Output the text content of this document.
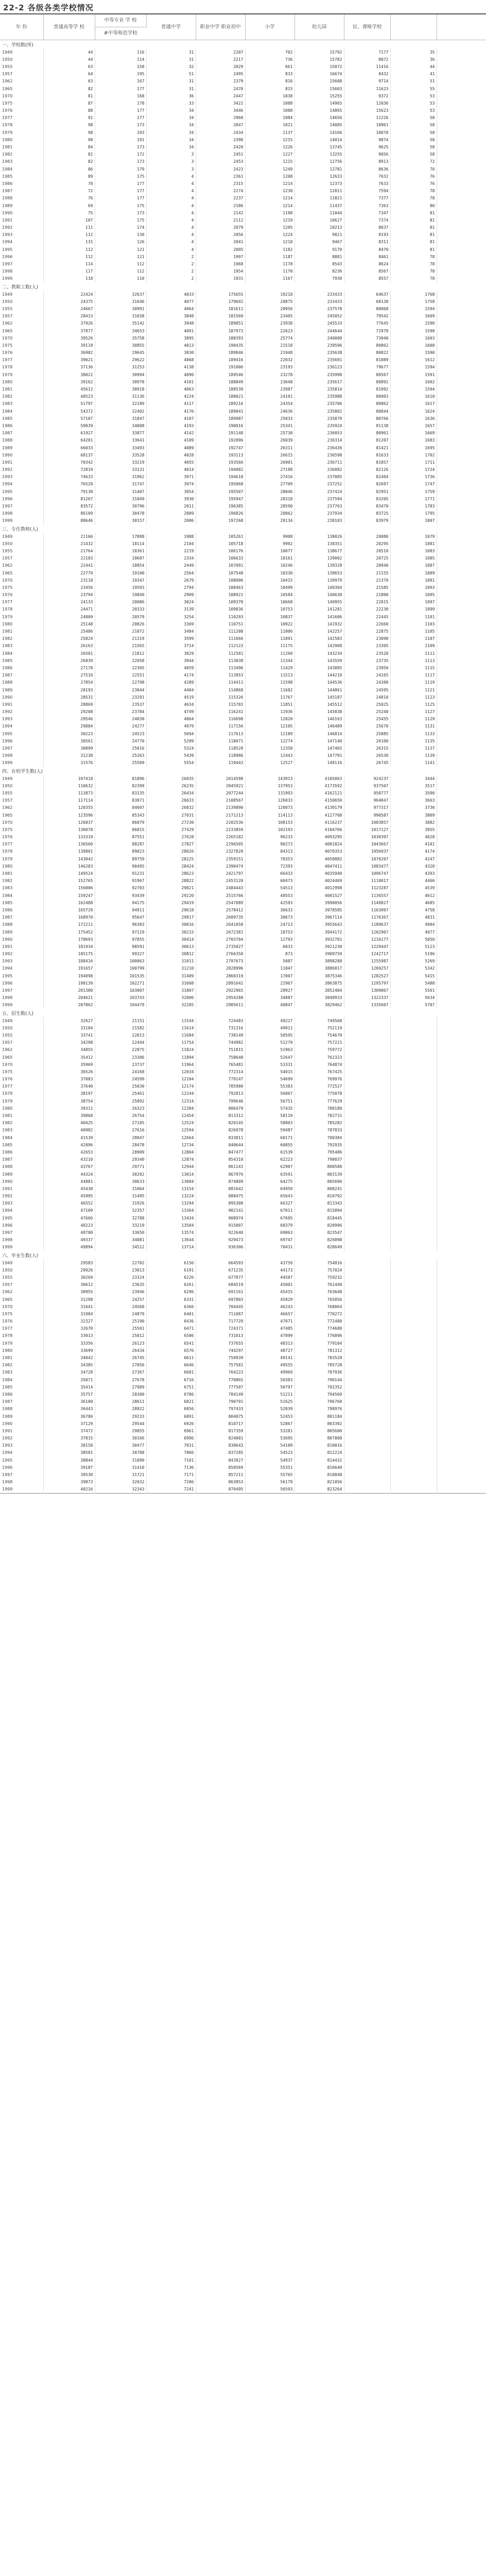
22-2 各级各类学校情况
年 份	普通高等学 校	中等专业 学 校	普通中学	职业中学 职业初中	小学	幼儿园	盲、聋哑学校		
		#中等师范学校							
一、学校数(所)									
1949	44	116	31	2207	702	15792	7177	35	
1950	44	114	31	2217	736	15782	8072	36	
1955	63	158	32	2029	661	15072	11416	44	
1957	64	195	51	2495	833	16674	8432	41	
1962	63	167	31	2379	816	15608	9714	51	
1965	82	177	31	2470	815	15603	11623	55	
1970	81	168	36	2447	1038	15255	9372	53	
1975	87	178	33	3422	1088	14965	12036	53	
1976	88	177	34	3446	1088	14865	15623	53	
1977	91	177	34	2960	1084	14656	11226	58	
1978	98	173	34	2847	1021	14085	10961	58	
1979	98	193	34	2434	1137	14166	10078	58	
1980	98	191	34	2398	1215	14014	9874	58	
1981	84	173	34	2420	1226	13745	9625	58	
1982	82	172	3	2451	1227	13255	9056	58	
1983	82	173	3	2453	1215	12756	8913	72	
1984	86	179	3	2423	1249	12781	8636	76	
1985	89	175	4	2361	1208	12633	7632	76	
1986	78	177	4	2315	1214	12373	7633	76	
1987	72	177	4	2274	1230	12011	7594	78	
1988	76	177	4	2237	1214	11821	7377	78	
1989	69	175	4	2186	1214	11437	7363	80	
1990	75	173	4	2142	1198	11044	7347	81	
1991	107	175	4	2112	1219	10627	7374	81	
1992	111	174	4	2079	1205	10213	8037	81	
1993	112	130	4	2056	1224	9821	8193	81	
1994	115	126	4	2041	1218	9467	8311	81	
1995	112	121	4	2005	1182	9170	8470	81	
1996	112	121	2	1997	1187	8881	8461	78	
1997	114	112	2	1968	1178	8543	8624	78	
1998	117	112	2	1954	1170	8236	8567	78	
1999	118	110	2	1931	1167	7930	8557	78	
二、教职工数(人)									
1949	22424	32637	4033	175655	19218	233433	64637	1768	
1950	24375	31646	4077	179692	20875	233433	68138	1758	
1955	24667	30991	4064	181611	20956	237578	80068	1594	
1957	28413	31658	3848	181560	23405	245052	79542	1609	
1962	37926	35142	3948	189851	23938	245533	77645	1590	
1965	37877	34653	4091	187973	22623	244644	72978	1598	
1970	39526	35758	3895	188393	25774	240008	73040	1603	
1975	39118	30855	4013	190435	21518	239596	80862	1608	
1976	36982	29645	3830	189846	21948	235638	80822	1590	
1977	39021	29622	4068	189416	22032	235691	81089	1612	
1978	37136	31253	4138	191006	23193	236123	79677	1594	
1979	38022	30994	4090	189546	23278	235998	80567	1591	
1980	39162	30978	4101	188849	23648	235617	80892	1602	
1981	45612	30918	4063	188539	23987	235814	81092	1594	
1982	48523	31136	4224	188021	24101	235988	80903	1610	
1983	51797	32189	4117	189216	24354	235706	80862	1617	
1984	54372	32402	4176	189841	24636	235802	80844	1624	
1985	57107	31847	4107	189987	25033	235879	80766	1636	
1986	59039	34008	4193	190016	25341	235924	81138	1657	
1987	61927	33877	4142	191148	25738	236053	80961	1669	
1988	64201	33641	4109	192096	26039	236314	81207	1683	
1989	66033	33493	4089	192747	26311	236436	81421	1695	
1990	68137	33528	4028	193113	26615	236598	81633	1702	
1991	70342	33219	4055	193566	26901	236711	81857	1711	
1992	72819	33131	4014	194082	27198	236882	82126	1724	
1993	74633	31962	3971	194610	27416	237085	82404	1736	
1994	76520	31747	3974	195068	27709	237252	82697	1747	
1995	79138	31407	3954	195507	28046	237424	82951	1759	
1996	81267	31049	3930	195947	28318	237594	83205	1771	
1997	83572	30796	2011	196385	28590	237763	83470	1783	
1998	86109	30478	2009	196826	28862	237934	83725	1795	
1999	88646	30157	2006	197268	29134	238103	83979	1807	
三、专任教师(人)									
1949	21166	17888	1988	105261	9908	138026	20080	1079	
1950	21432	18114	2104	105718	9992	138351	20295	1081	
1955	21764	18361	2219	106176	10077	138677	20510	1083	
1957	22103	18607	2334	106633	10161	139002	20725	1085	
1962	22441	18854	2449	107091	10246	139328	20940	1087	
1965	22779	19100	2564	107548	10330	139653	21155	1089	
1970	23118	19347	2679	108006	10415	139979	21370	1091	
1975	23456	19593	2794	108463	10499	140304	21585	1093	
1976	23794	19840	2909	108921	10584	140630	21800	1095	
1977	24133	20086	3024	109378	10668	140955	22015	1097	
1978	24471	20333	3139	109836	10753	141281	22230	1099	
1979	24809	20579	3254	110293	10837	141606	22445	1101	
1980	25148	20826	3369	110751	10922	141932	22660	1103	
1981	25486	21072	3484	111208	11006	142257	22875	1105	
1982	25824	21319	3599	111666	11091	142583	23090	1107	
1983	26163	21565	3714	112123	11175	142908	23305	1109	
1984	26501	21812	3829	112581	11260	143234	23520	1111	
1985	26839	22058	3944	113038	11344	143559	23735	1113	
1986	27178	22305	4059	113496	11429	143885	23950	1115	
1987	27516	22551	4174	113953	11513	144210	24165	1117	
1988	27854	22798	4289	114411	11598	144536	24380	1119	
1989	28193	23044	4404	114868	11682	144861	24595	1121	
1990	28531	23291	4519	115326	11767	145187	24810	1123	
1991	28869	23537	4634	115783	11851	145512	25025	1125	
1992	29208	23784	4749	116241	11936	145838	25240	1127	
1993	29546	24030	4864	116698	12020	146163	25455	1129	
1994	29884	24277	4979	117156	12105	146489	25670	1131	
1995	30223	24523	5094	117613	12189	146814	25885	1133	
1996	30561	24770	5209	118071	12274	147140	26100	1135	
1997	30899	25016	5324	118528	12358	147465	26315	1137	
1998	31238	25263	5439	118986	12443	147791	26530	1139	
1999	31576	25509	5554	119443	12527	148116	26745	1141	
四、在校学生数(人)									
1949	107418	81896	26035	2014598	143913	4185063	924237	3444	
1950	110632	82399	26235	2045921	137953	4173592	937507	3517	
1955	113873	83135	26434	2077244	131993	4162121	950777	3590	
1957	117114	83871	26633	2108567	126033	4150650	964047	3663	
1962	120355	84607	26832	2139890	120073	4139179	977317	3736	
1965	123596	85343	27031	2171213	114113	4127708	990587	3809	
1970	126837	86079	27230	2202536	108153	4116237	1003857	3882	
1975	130078	86815	27429	2233859	102193	4104766	1017127	3955	
1976	133319	87551	27628	2265182	96233	4093295	1030397	4028	
1977	136560	88287	27827	2296505	90273	4081824	1043667	4101	
1978	139801	89023	28026	2327828	84313	4070353	1056937	4174	
1979	143042	89759	28225	2359151	78353	4058882	1070207	4247	
1980	146283	90495	28424	2390474	72393	4047411	1083477	4320	
1981	149524	91231	28623	2421797	66433	4035940	1096747	4393	
1982	152765	91967	28822	2453120	60473	4024469	1110017	4466	
1983	156006	92703	29021	2484443	54513	4012998	1123287	4539	
1984	159247	93439	29220	2515766	48553	4001527	1136557	4612	
1985	162488	94175	29419	2547089	42593	3990056	1149827	4685	
1986	165729	94911	29618	2578412	36633	3978585	1163097	4758	
1987	168970	95647	29817	2609735	30673	3967114	1176367	4831	
1988	172211	96383	30016	2641058	24713	3955643	1189637	4904	
1989	175452	97119	30215	2672381	18753	3944172	1202907	4977	
1990	178693	97855	30414	2703704	12793	3932701	1216177	5050	
1991	181934	98591	30613	2735027	6833	3921230	1229447	5123	
1992	185175	99327	30812	2766350	873	3909759	1242717	5196	
1993	188416	100063	31011	2797673	5087	3898288	1255987	5269	
1994	191657	100799	31210	2828996	11047	3886817	1269257	5342	
1995	194898	101535	31409	2860319	17007	3875346	1282527	5415	
1996	198139	102271	31608	2891642	22967	3863875	1295797	5488	
1997	201380	103007	31807	2922965	28927	3852404	1309067	5561	
1998	204621	103743	32006	2954288	34887	3840933	1322337	5634	
1999	207862	104479	32205	2985611	40847	3829462	1335607	5707	
五、招生数(人)									
1949	32627	21151	11544	724483	49227	749568			
1950	33184	21582	11614	731316	49911	752119			
1955	33741	22013	11684	738149	50595	754670			
1957	34298	22444	11754	744982	51279	757221			
1962	34855	22875	11824	751815	51963	759772			
1965	35412	23306	11894	758648	52647	762323			
1970	35969	23737	11964	765481	53331	764874			
1975	36526	24168	12034	772314	54015	767425			
1976	37083	24599	12104	779147	54699	769976			
1977	37640	25030	12174	785980	55383	772527			
1978	38197	25461	12244	792813	56067	775078			
1979	38754	25892	12314	799646	56751	777629			
1980	39311	26323	12384	806479	57435	780180			
1981	39868	26754	12454	813312	58119	782731			
1982	40425	27185	12524	820145	58803	785282			
1983	40982	27616	12594	826978	59487	787833			
1984	41539	28047	12664	833811	60171	790384			
1985	42096	28478	12734	840644	60855	792935			
1986	42653	28909	12804	847477	61539	795486			
1987	43210	29340	12874	854310	62223	798037			
1988	43767	29771	12944	861143	62907	800588			
1989	44324	30202	13014	867976	63591	803139			
1990	44881	30633	13084	874809	64275	805690			
1991	45438	31064	13154	881642	64959	808241			
1992	45995	31495	13224	888475	65643	810792			
1993	46552	31926	13294	895308	66327	813343			
1994	47109	32357	13364	902141	67011	815894			
1995	47666	32788	13434	908974	67695	818445			
1996	48223	33219	13504	915807	68379	820996			
1997	48780	33650	13574	922640	69063	823547			
1998	49337	34081	13644	929473	69747	826098			
1999	49894	34512	13714	936306	70431	828649			
六、毕业生数(人)									
1949	29583	22702	6156	664593	43759	754816			
1950	29926	23013	6191	671235	44173	757024			
1955	30269	23324	6226	677877	44587	759232			
1957	30612	23635	6261	684519	45001	761440			
1962	30955	23946	6296	691161	45415	763648			
1965	31298	24257	6331	697803	45829	765856			
1970	31641	24568	6366	704445	46243	768064			
1975	31984	24879	6401	711087	46657	770272			
1976	32327	25190	6436	717729	47071	772480			
1977	32670	25501	6471	724371	47485	774688			
1978	33013	25812	6506	731013	47899	776896			
1979	33356	26123	6541	737655	48313	779104			
1980	33699	26434	6576	744297	48727	781312			
1981	34042	26745	6611	750939	49141	783520			
1982	34385	27056	6646	757581	49555	785728			
1983	34728	27367	6681	764223	49969	787936			
1984	35071	27678	6716	770865	50383	790144			
1985	35414	27989	6751	777507	50797	792352			
1986	35757	28300	6786	784149	51211	794560			
1987	36100	28611	6821	790791	51625	796768			
1988	36443	28922	6856	797433	52039	798976			
1989	36786	29233	6891	804075	52453	801184			
1990	37129	29544	6926	810717	52867	803392			
1991	37472	29855	6961	817359	53281	805600			
1992	37815	30166	6996	824001	53695	807808			
1993	38158	30477	7031	830643	54109	810016			
1994	38501	30788	7066	837285	54523	812224			
1995	38844	31099	7101	843927	54937	814432			
1996	39187	31410	7136	850569	55351	816640			
1997	39530	31721	7171	857211	55765	818848			
1998	39873	32032	7206	863853	56179	821056			
1999	40216	32343	7241	870495	56593	823264			
